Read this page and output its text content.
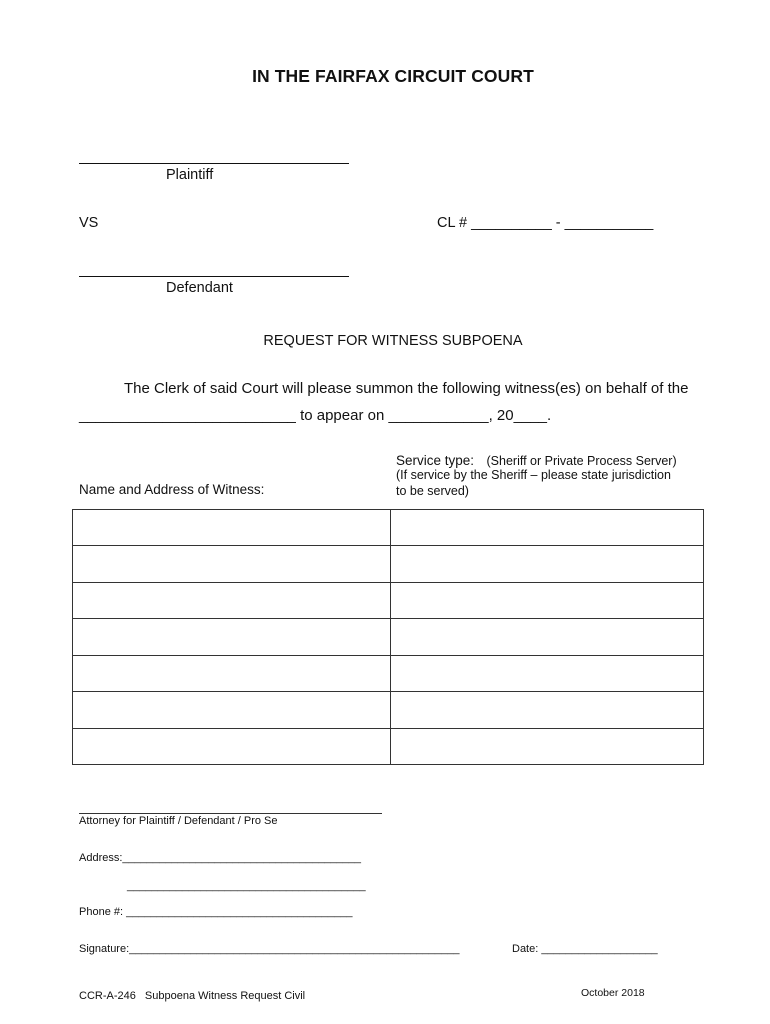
IN THE FAIRFAX CIRCUIT COURT
Plaintiff
VS	CL # __________ - ___________
Defendant
REQUEST FOR WITNESS SUBPOENA
The Clerk of said Court will please summon the following witness(es) on behalf of the
__________________________ to appear on ____________, 20____.
Service type: (Sheriff or Private Process Server)
(If service by the Sheriff – please state jurisdiction
to be served)
Name and Address of Witness:

Attorney for Plaintiff / Defendant / Pro Se
Address:_______________________________________
_______________________________________
Phone #: _____________________________________
Signature:______________________________________________________	Date: ___________________
CCR-A-246 Subpoena Witness Request Civil	October 2018
